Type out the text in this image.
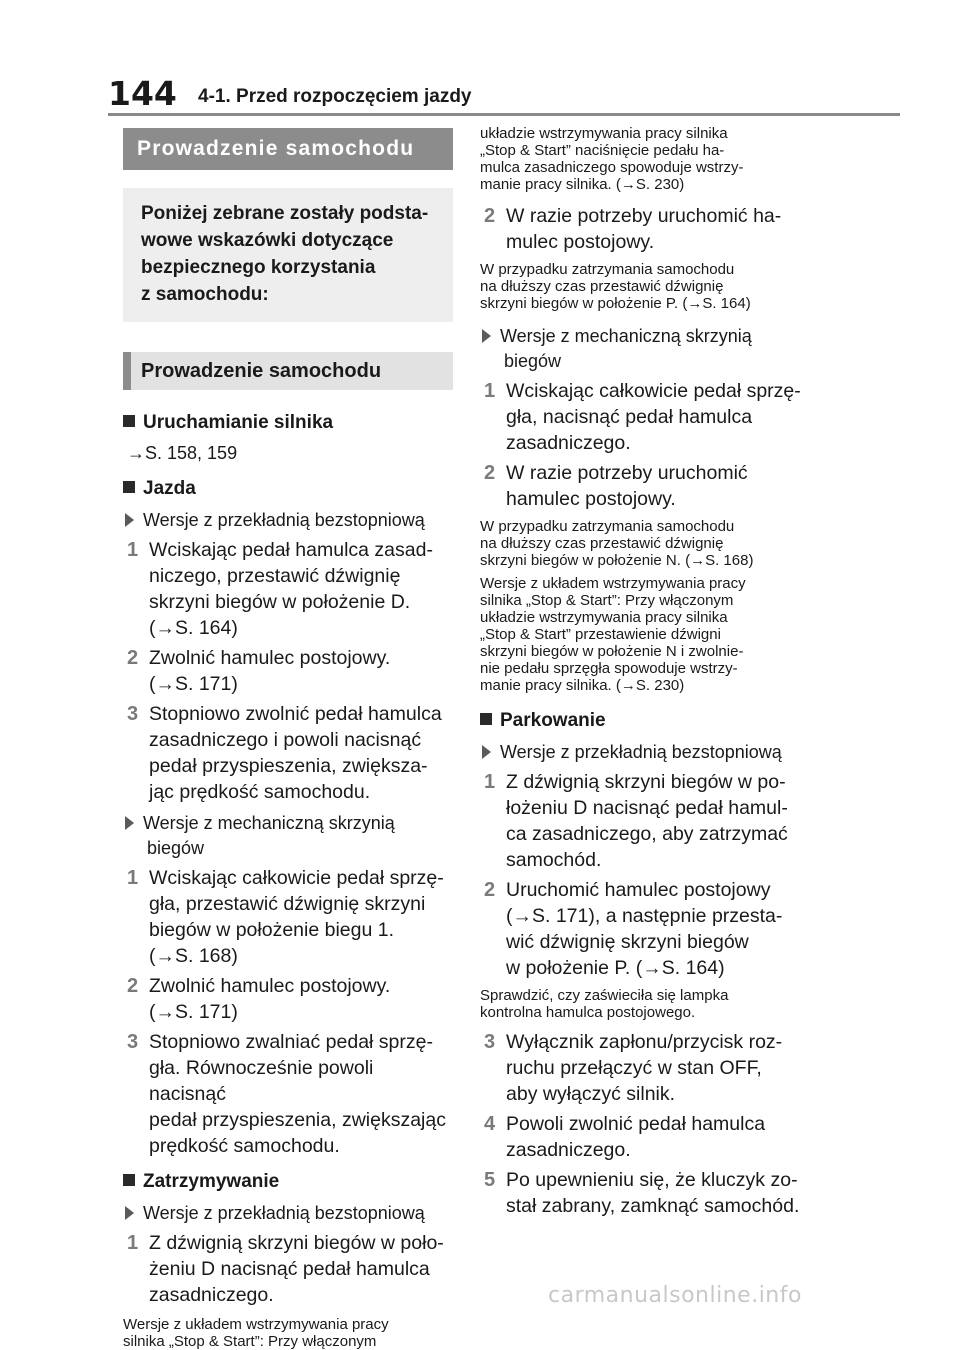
144 4-1. Przed rozpoczęciem jazdy
Prowadzenie samochodu
Poniżej zebrane zostały podsta-
wowe wskazówki dotyczące
bezpiecznego korzystania
z samochodu:
Prowadzenie samochodu
Uruchamianie silnika
→S. 158, 159
Jazda
Wersje z przekładnią bezstopniową
1 Wciskając pedał hamulca zasad-
niczego, przestawić dźwignię
skrzyni biegów w położenie D.
(→S. 164)
2 Zwolnić hamulec postojowy.
(→S. 171)
3 Stopniowo zwolnić pedał hamulca
zasadniczego i powoli nacisnąć
pedał przyspieszenia, zwiększa-
jąc prędkość samochodu.
Wersje z mechaniczną skrzynią
biegów
1 Wciskając całkowicie pedał sprzę-
gła, przestawić dźwignię skrzyni
biegów w położenie biegu 1.
(→S. 168)
2 Zwolnić hamulec postojowy.
(→S. 171)
3 Stopniowo zwalniać pedał sprzę-
gła. Równocześnie powoli nacisnąć
pedał przyspieszenia, zwiększając
prędkość samochodu.
Zatrzymywanie
Wersje z przekładnią bezstopniową
1 Z dźwignią skrzyni biegów w poło-
żeniu D nacisnąć pedał hamulca
zasadniczego.
Wersje z układem wstrzymywania pracy
silnika „Stop & Start”: Przy włączonym
układzie wstrzymywania pracy silnika
„Stop & Start” naciśnięcie pedału ha-
mulca zasadniczego spowoduje wstrzy-
manie pracy silnika. (→S. 230)
2 W razie potrzeby uruchomić ha-
mulec postojowy.
W przypadku zatrzymania samochodu
na dłuższy czas przestawić dźwignię
skrzyni biegów w położenie P. (→S. 164)
Wersje z mechaniczną skrzynią
biegów
1 Wciskając całkowicie pedał sprzę-
gła, nacisnąć pedał hamulca
zasadniczego.
2 W razie potrzeby uruchomić
hamulec postojowy.
W przypadku zatrzymania samochodu
na dłuższy czas przestawić dźwignię
skrzyni biegów w położenie N. (→S. 168)
Wersje z układem wstrzymywania pracy
silnika „Stop & Start”: Przy włączonym
układzie wstrzymywania pracy silnika
„Stop & Start” przestawienie dźwigni
skrzyni biegów w położenie N i zwolnie-
nie pedału sprzęgła spowoduje wstrzy-
manie pracy silnika. (→S. 230)
Parkowanie
Wersje z przekładnią bezstopniową
1 Z dźwignią skrzyni biegów w po-
łożeniu D nacisnąć pedał hamul-
ca zasadniczego, aby zatrzymać
samochód.
2 Uruchomić hamulec postojowy
(→S. 171), a następnie przesta-
wić dźwignię skrzyni biegów
w położenie P. (→S. 164)
Sprawdzić, czy zaświeciła się lampka
kontrolna hamulca postojowego.
3 Wyłącznik zapłonu/przycisk roz-
ruchu przełączyć w stan OFF,
aby wyłączyć silnik.
4 Powoli zwolnić pedał hamulca
zasadniczego.
5 Po upewnieniu się, że kluczyk zo-
stał zabrany, zamknąć samochód.
carmanualsonline.info
